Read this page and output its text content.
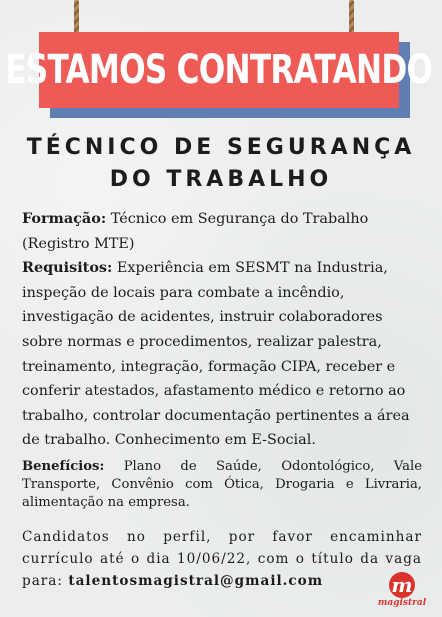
ESTAMOS CONTRATANDO
TÉCNICO DE SEGURANÇA
DO TRABALHO

Formação: Técnico em Segurança do Trabalho (Registro MTE)

Requisitos: Experiência em SESMT na Industria, inspeção de locais para combate a incêndio, investigação de acidentes, instruir colaboradores sobre normas e procedimentos, realizar palestra, treinamento, integração, formação CIPA, receber e conferir atestados, afastamento médico e retorno ao trabalho, controlar documentação pertinentes a área de trabalho. Conhecimento em E-Social.

Benefícios: Plano de Saúde, Odontológico, Vale Transporte, Convênio com Ótica, Drogaria e Livraria, alimentação na empresa.

Candidatos no perfil, por favor encaminhar currículo até o dia 10/06/22, com o título da vaga para: talentosmagistral@gmail.com	m
magistral
